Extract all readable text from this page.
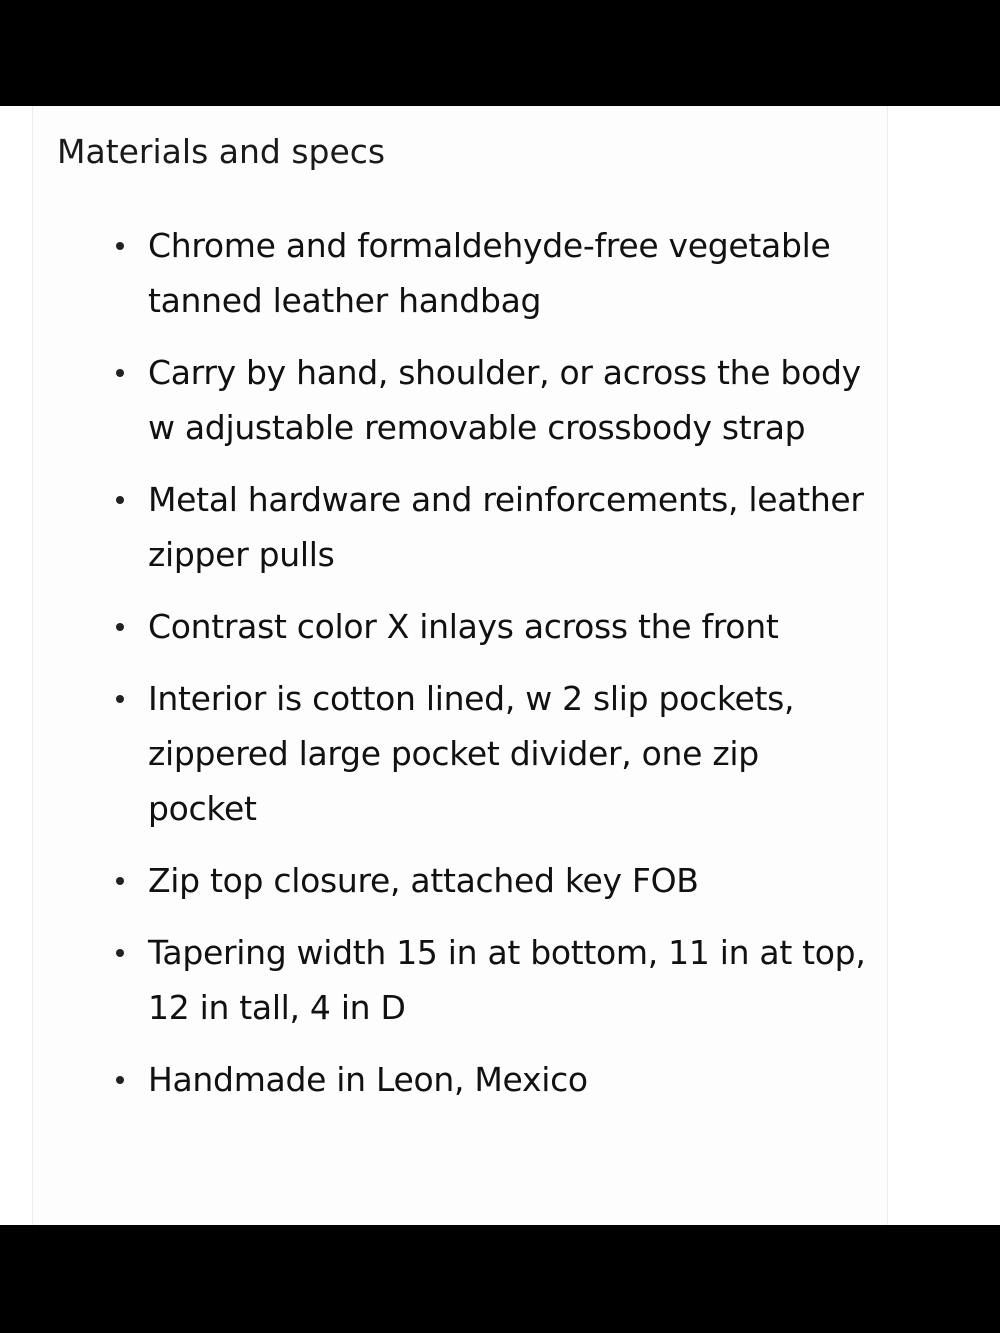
Materials and specs
Chrome and formaldehyde-free vegetable tanned leather handbag
Carry by hand, shoulder, or across the body w adjustable removable crossbody strap
Metal hardware and reinforcements, leather zipper pulls
Contrast color X inlays across the front
Interior is cotton lined, w 2 slip pockets, zippered large pocket divider, one zip pocket
Zip top closure, attached key FOB
Tapering width 15 in at bottom, 11 in at top, 12 in tall, 4 in D
Handmade in Leon, Mexico
